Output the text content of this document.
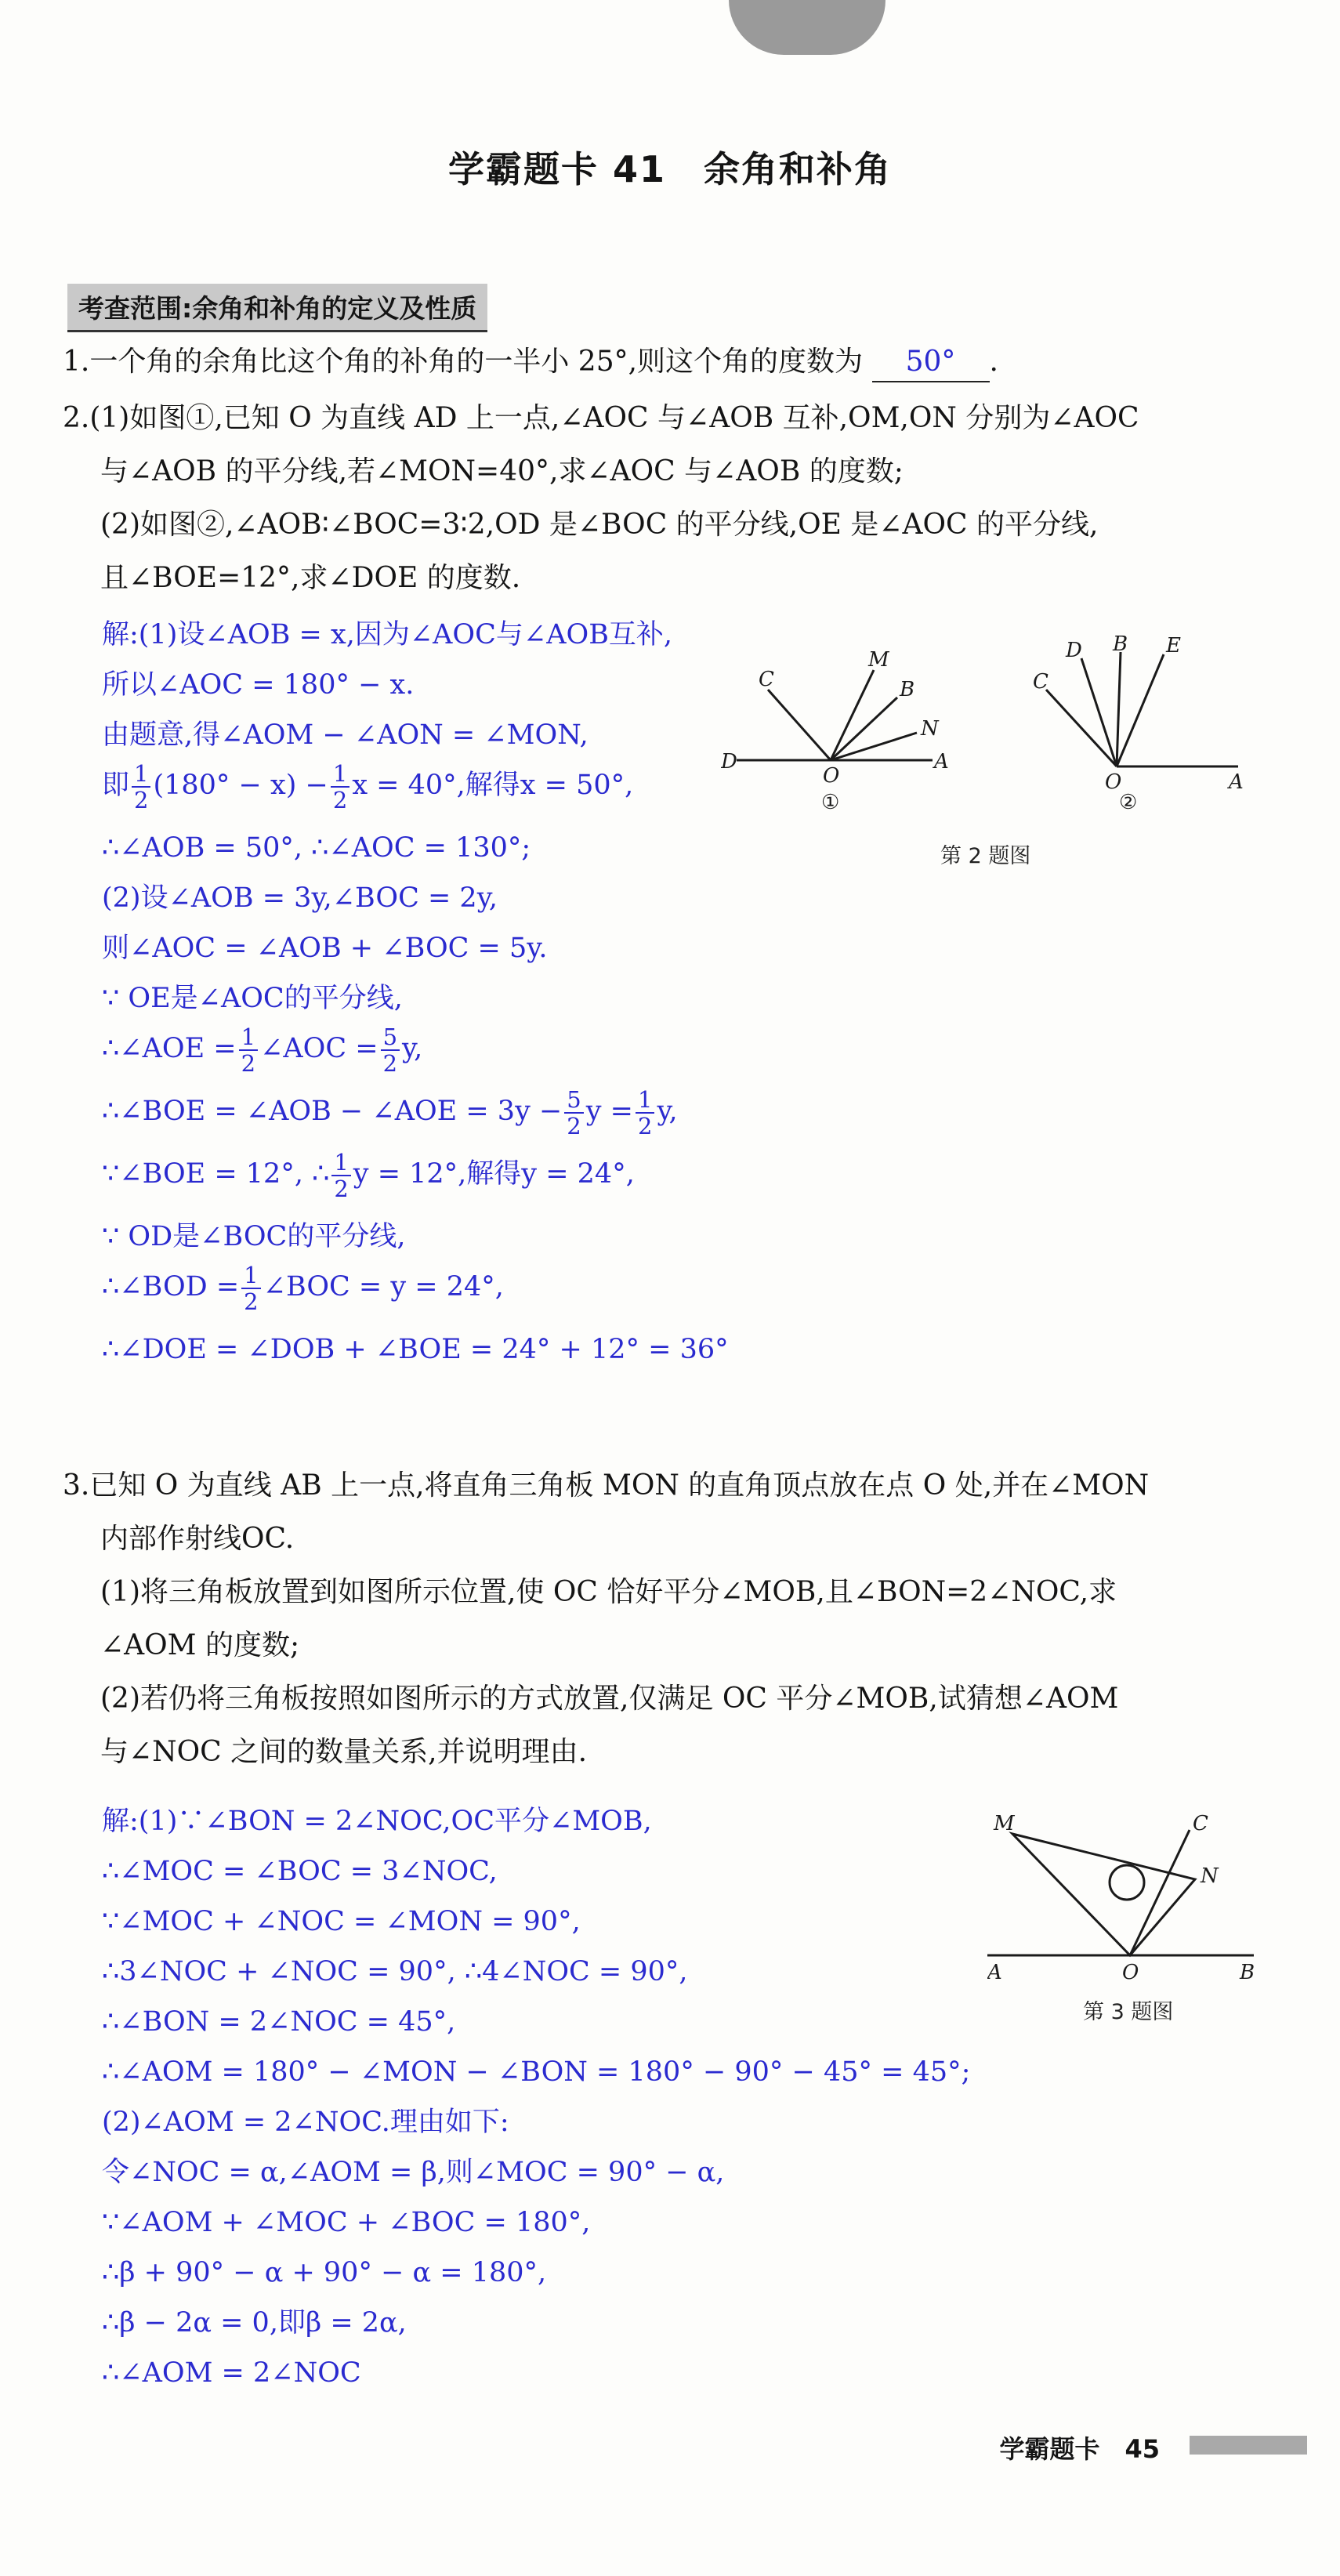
学霸题卡 41　余角和补角
考查范围:余角和补角的定义及性质
1.一个角的余角比这个角的补角的一半小 25°,则这个角的度数为 50° .
2.(1)如图①,已知 O 为直线 AD 上一点,∠AOC 与∠AOB 互补,OM,ON 分别为∠AOC
与∠AOB 的平分线,若∠MON=40°,求∠AOC 与∠AOB 的度数;
(2)如图②,∠AOB∶∠BOC=3∶2,OD 是∠BOC 的平分线,OE 是∠AOC 的平分线,
且∠BOE=12°,求∠DOE 的度数.
解:(1)设∠AOB = x,因为∠AOC与∠AOB互补,
所以∠AOC = 180° − x.
由题意,得∠AOM − ∠AON = ∠MON,
即 $\frac{1}{2} (180^\circ - x) - \frac{1}{2}$ x = 40°,解得x = 50°,
∴∠AOB = 50°, ∴∠AOC = 130°;
(2)设∠AOB = 3y,∠BOC = 2y,
则∠AOC = ∠AOB + ∠BOC = 5y.
∵ OE是∠AOC的平分线,
∴∠AOE = $\frac{1}{2}$ ∠AOC = $\frac{5}{2} y$,
∴∠BOE = ∠AOB − ∠AOE = $3y - \frac{5}{2}$ $y = \frac{1}{2} y$,
∵∠BOE = 12°, ∴ $\frac{1}{2}$ y = 12°,解得y = 24°,
∵ OD是∠BOC的平分线,
∴∠BOD = $\frac{1}{2}$ ∠BOC = y = 24°,
∴∠DOE = ∠DOB + ∠BOE = 24° + 12° = 36°
C
M
B
N
D
O
A
①
C
D B E
O	A
②
第 2 题图
3.已知 O 为直线 AB 上一点,将直角三角板 MON 的直角顶点放在点 O 处,并在∠MON
内部作射线OC.
(1)将三角板放置到如图所示位置,使 OC 恰好平分∠MOB,且∠BON=2∠NOC,求
∠AOM 的度数;
(2)若仍将三角板按照如图所示的方式放置,仅满足 OC 平分∠MOB,试猜想∠AOM
与∠NOC 之间的数量关系,并说明理由.
解:(1)∵∠BON = 2∠NOC,OC平分∠MOB,
∴∠MOC = ∠BOC = 3∠NOC,
∵∠MOC + ∠NOC = ∠MON = 90°,
∴3∠NOC + ∠NOC = 90°, ∴4∠NOC = 90°,
∴∠BON = 2∠NOC = 45°,
∴∠AOM = 180° − ∠MON − ∠BON = 180° − 90° − 45° = 45°;
(2)∠AOM = 2∠NOC.理由如下:
令∠NOC = α,∠AOM = β,则∠MOC = 90° − α,
∵∠AOM + ∠MOC + ∠BOC = 180°,
∴β + 90° − α + 90° − α = 180°,
∴β − 2α = 0,即β = 2α,
∴∠AOM = 2∠NOC
M	C
N
A	O	B
第 3 题图
学霸题卡　45
